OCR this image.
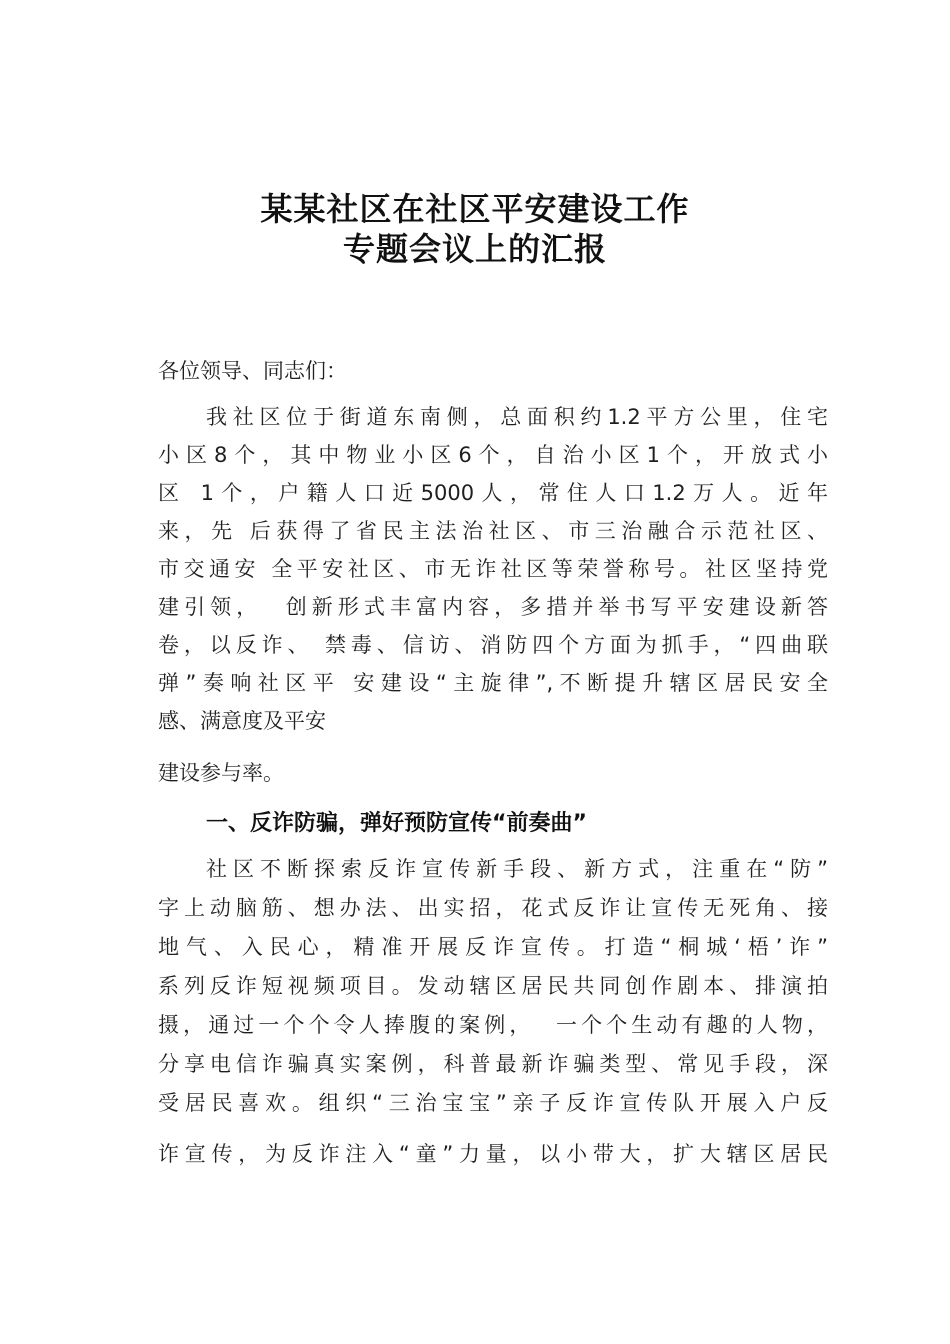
某某社区在社区平安建设工作
专题会议上的汇报
各位领导、同志们：
我社区位于街道东南侧，总面积约1.2平方公里，住宅
小区8个，其中物业小区6个，自治小区1个，开放式小
区 1个，户籍人口近5000人，常住人口1.2万人。近年
来，先 后获得了省民主法治社区、市三治融合示范社区、
市交通安 全平安社区、市无诈社区等荣誉称号。社区坚持党
建引领，  创新形式丰富内容，多措并举书写平安建设新答
卷，以反诈、 禁毒、信访、消防四个方面为抓手，“四曲联
弹”奏响社区平 安建设“主旋律”,不断提升辖区居民安全
感、满意度及平安
建设参与率。
一、反诈防骗，弹好预防宣传“前奏曲”
社区不断探索反诈宣传新手段、新方式，注重在“防”
字上动脑筋、想办法、出实招，花式反诈让宣传无死角、接
地气、入民心，精准开展反诈宣传。打造“桐城‘梧’诈”
系列反诈短视频项目。发动辖区居民共同创作剧本、排演拍
摄，通过一个个令人捧腹的案例，  一个个生动有趣的人物，
分享电信诈骗真实案例，科普最新诈骗类型、常见手段，深
受居民喜欢。组织“三治宝宝”亲子反诈宣传队开展入户反
诈宣传，为反诈注入“童”力量，以小带大，扩大辖区居民
